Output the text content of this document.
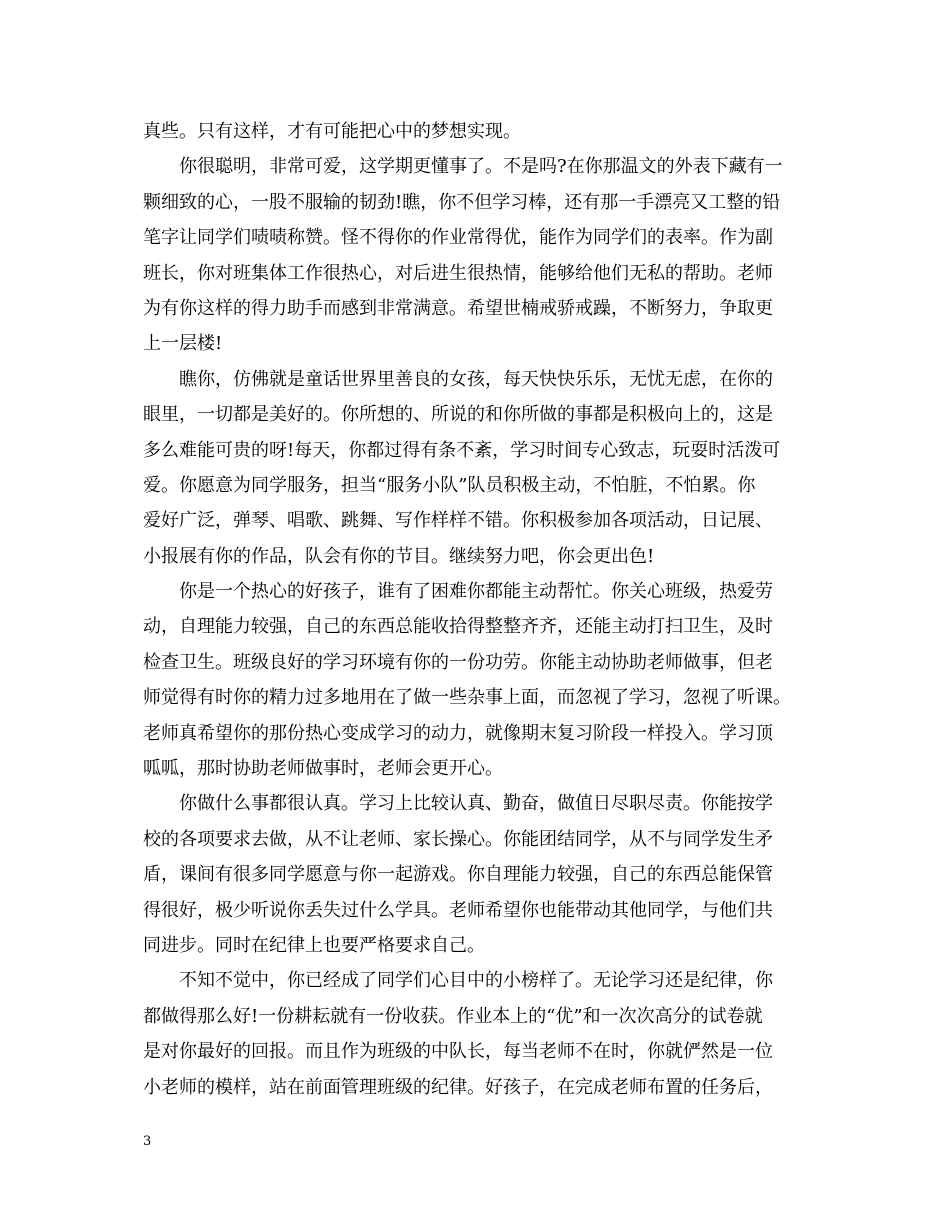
真些。只有这样，才有可能把心中的梦想实现。
你很聪明，非常可爱，这学期更懂事了。不是吗?在你那温文的外表下藏有一
颗细致的心，一股不服输的韧劲!瞧，你不但学习棒，还有那一手漂亮又工整的铅
笔字让同学们啧啧称赞。怪不得你的作业常得优，能作为同学们的表率。作为副
班长，你对班集体工作很热心，对后进生很热情，能够给他们无私的帮助。老师
为有你这样的得力助手而感到非常满意。希望世楠戒骄戒躁，不断努力，争取更
上一层楼!
瞧你，仿佛就是童话世界里善良的女孩，每天快快乐乐，无忧无虑，在你的
眼里，一切都是美好的。你所想的、所说的和你所做的事都是积极向上的，这是
多么难能可贵的呀!每天，你都过得有条不紊，学习时间专心致志，玩耍时活泼可
爱。你愿意为同学服务，担当“服务小队”队员积极主动，不怕脏，不怕累。你
爱好广泛，弹琴、唱歌、跳舞、写作样样不错。你积极参加各项活动，日记展、
小报展有你的作品，队会有你的节目。继续努力吧，你会更出色!
你是一个热心的好孩子，谁有了困难你都能主动帮忙。你关心班级，热爱劳
动，自理能力较强，自己的东西总能收拾得整整齐齐，还能主动打扫卫生，及时
检查卫生。班级良好的学习环境有你的一份功劳。你能主动协助老师做事，但老
师觉得有时你的精力过多地用在了做一些杂事上面，而忽视了学习，忽视了听课。
老师真希望你的那份热心变成学习的动力，就像期末复习阶段一样投入。学习顶
呱呱，那时协助老师做事时，老师会更开心。
你做什么事都很认真。学习上比较认真、勤奋，做值日尽职尽责。你能按学
校的各项要求去做，从不让老师、家长操心。你能团结同学，从不与同学发生矛
盾，课间有很多同学愿意与你一起游戏。你自理能力较强，自己的东西总能保管
得很好，极少听说你丢失过什么学具。老师希望你也能带动其他同学，与他们共
同进步。同时在纪律上也要严格要求自己。
不知不觉中，你已经成了同学们心目中的小榜样了。无论学习还是纪律，你
都做得那么好!一份耕耘就有一份收获。作业本上的“优”和一次次高分的试卷就
是对你最好的回报。而且作为班级的中队长，每当老师不在时，你就俨然是一位
小老师的模样，站在前面管理班级的纪律。好孩子，在完成老师布置的任务后，
3
